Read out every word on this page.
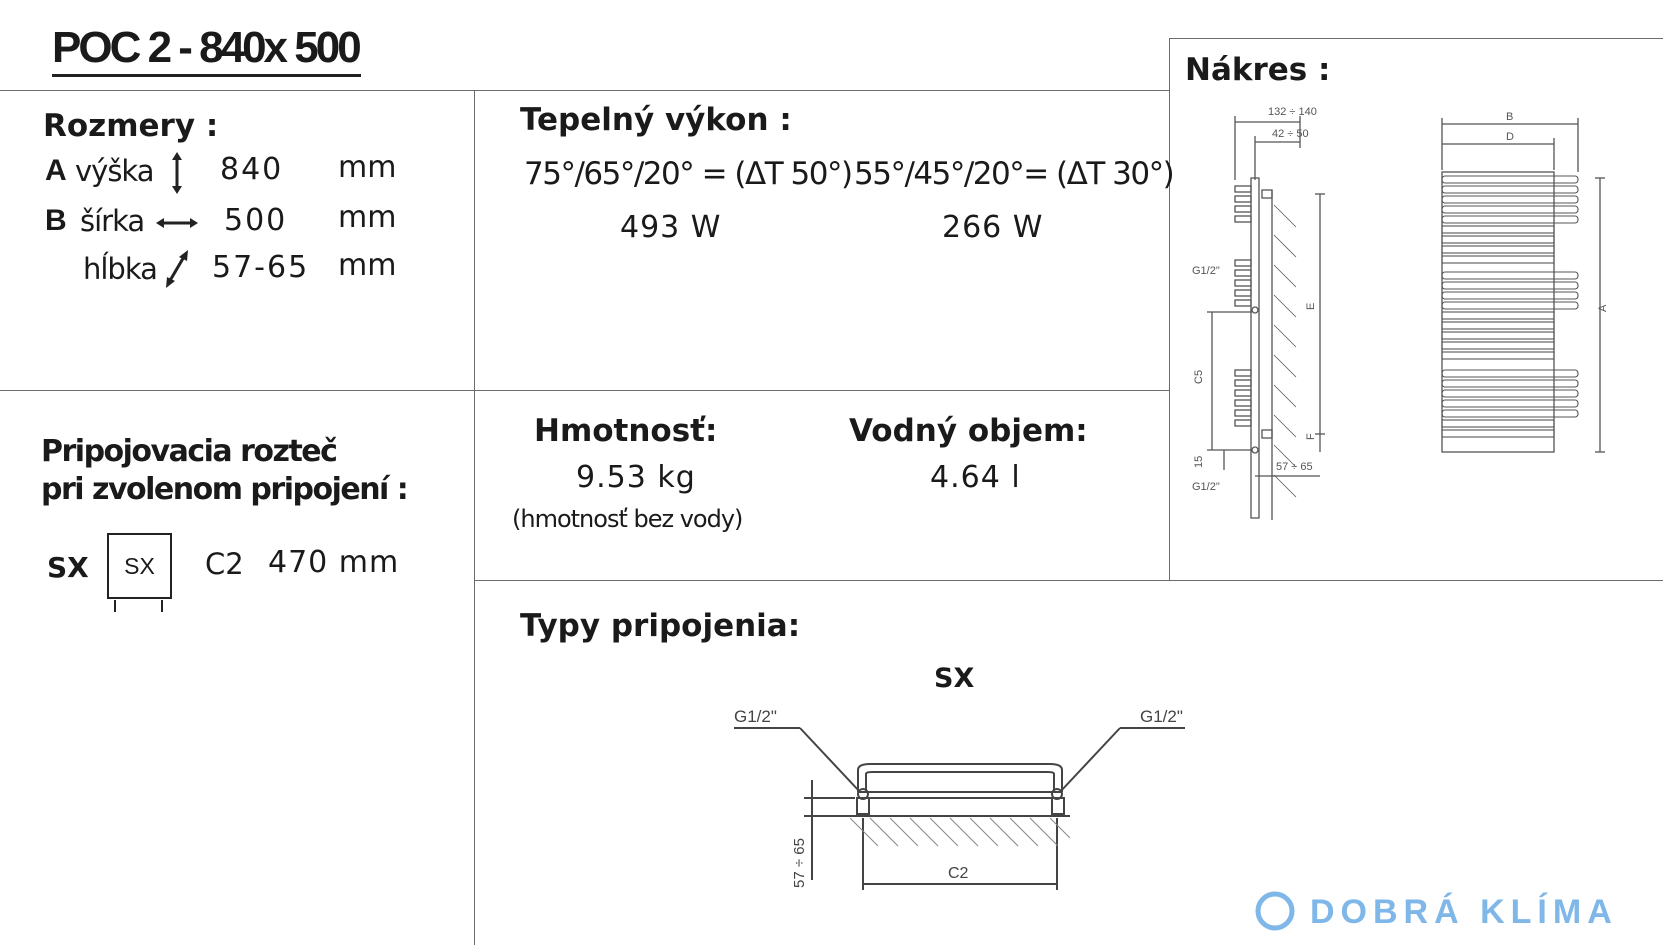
POC 2 - 840x 500
Rozmery :
A výška 840 mm
B šírka	500 mm
hĺbka 57-65 mm
Tepelný výkon :
75°/65°/20° = (ΔT 50°) 55°/45°/20°= (ΔT 30°)
493 W	266 W
Pripojovacia rozteč
pri zvolenom pripojení :
SX	SX	C2 470 mm
Hmotnosť:
9.53 kg
(hmotnosť bez vody)
Vodný objem:
4.64 l
Nákres :
132 ÷ 140
42 ÷ 50
G1/2"
G1/2"
C5
E
F
15	57 ÷ 65
B
D
A
Typy pripojenia:
SX
G1/2"	G1/2"
57 ÷ 65	C2
DOBRÁ KLÍMA
